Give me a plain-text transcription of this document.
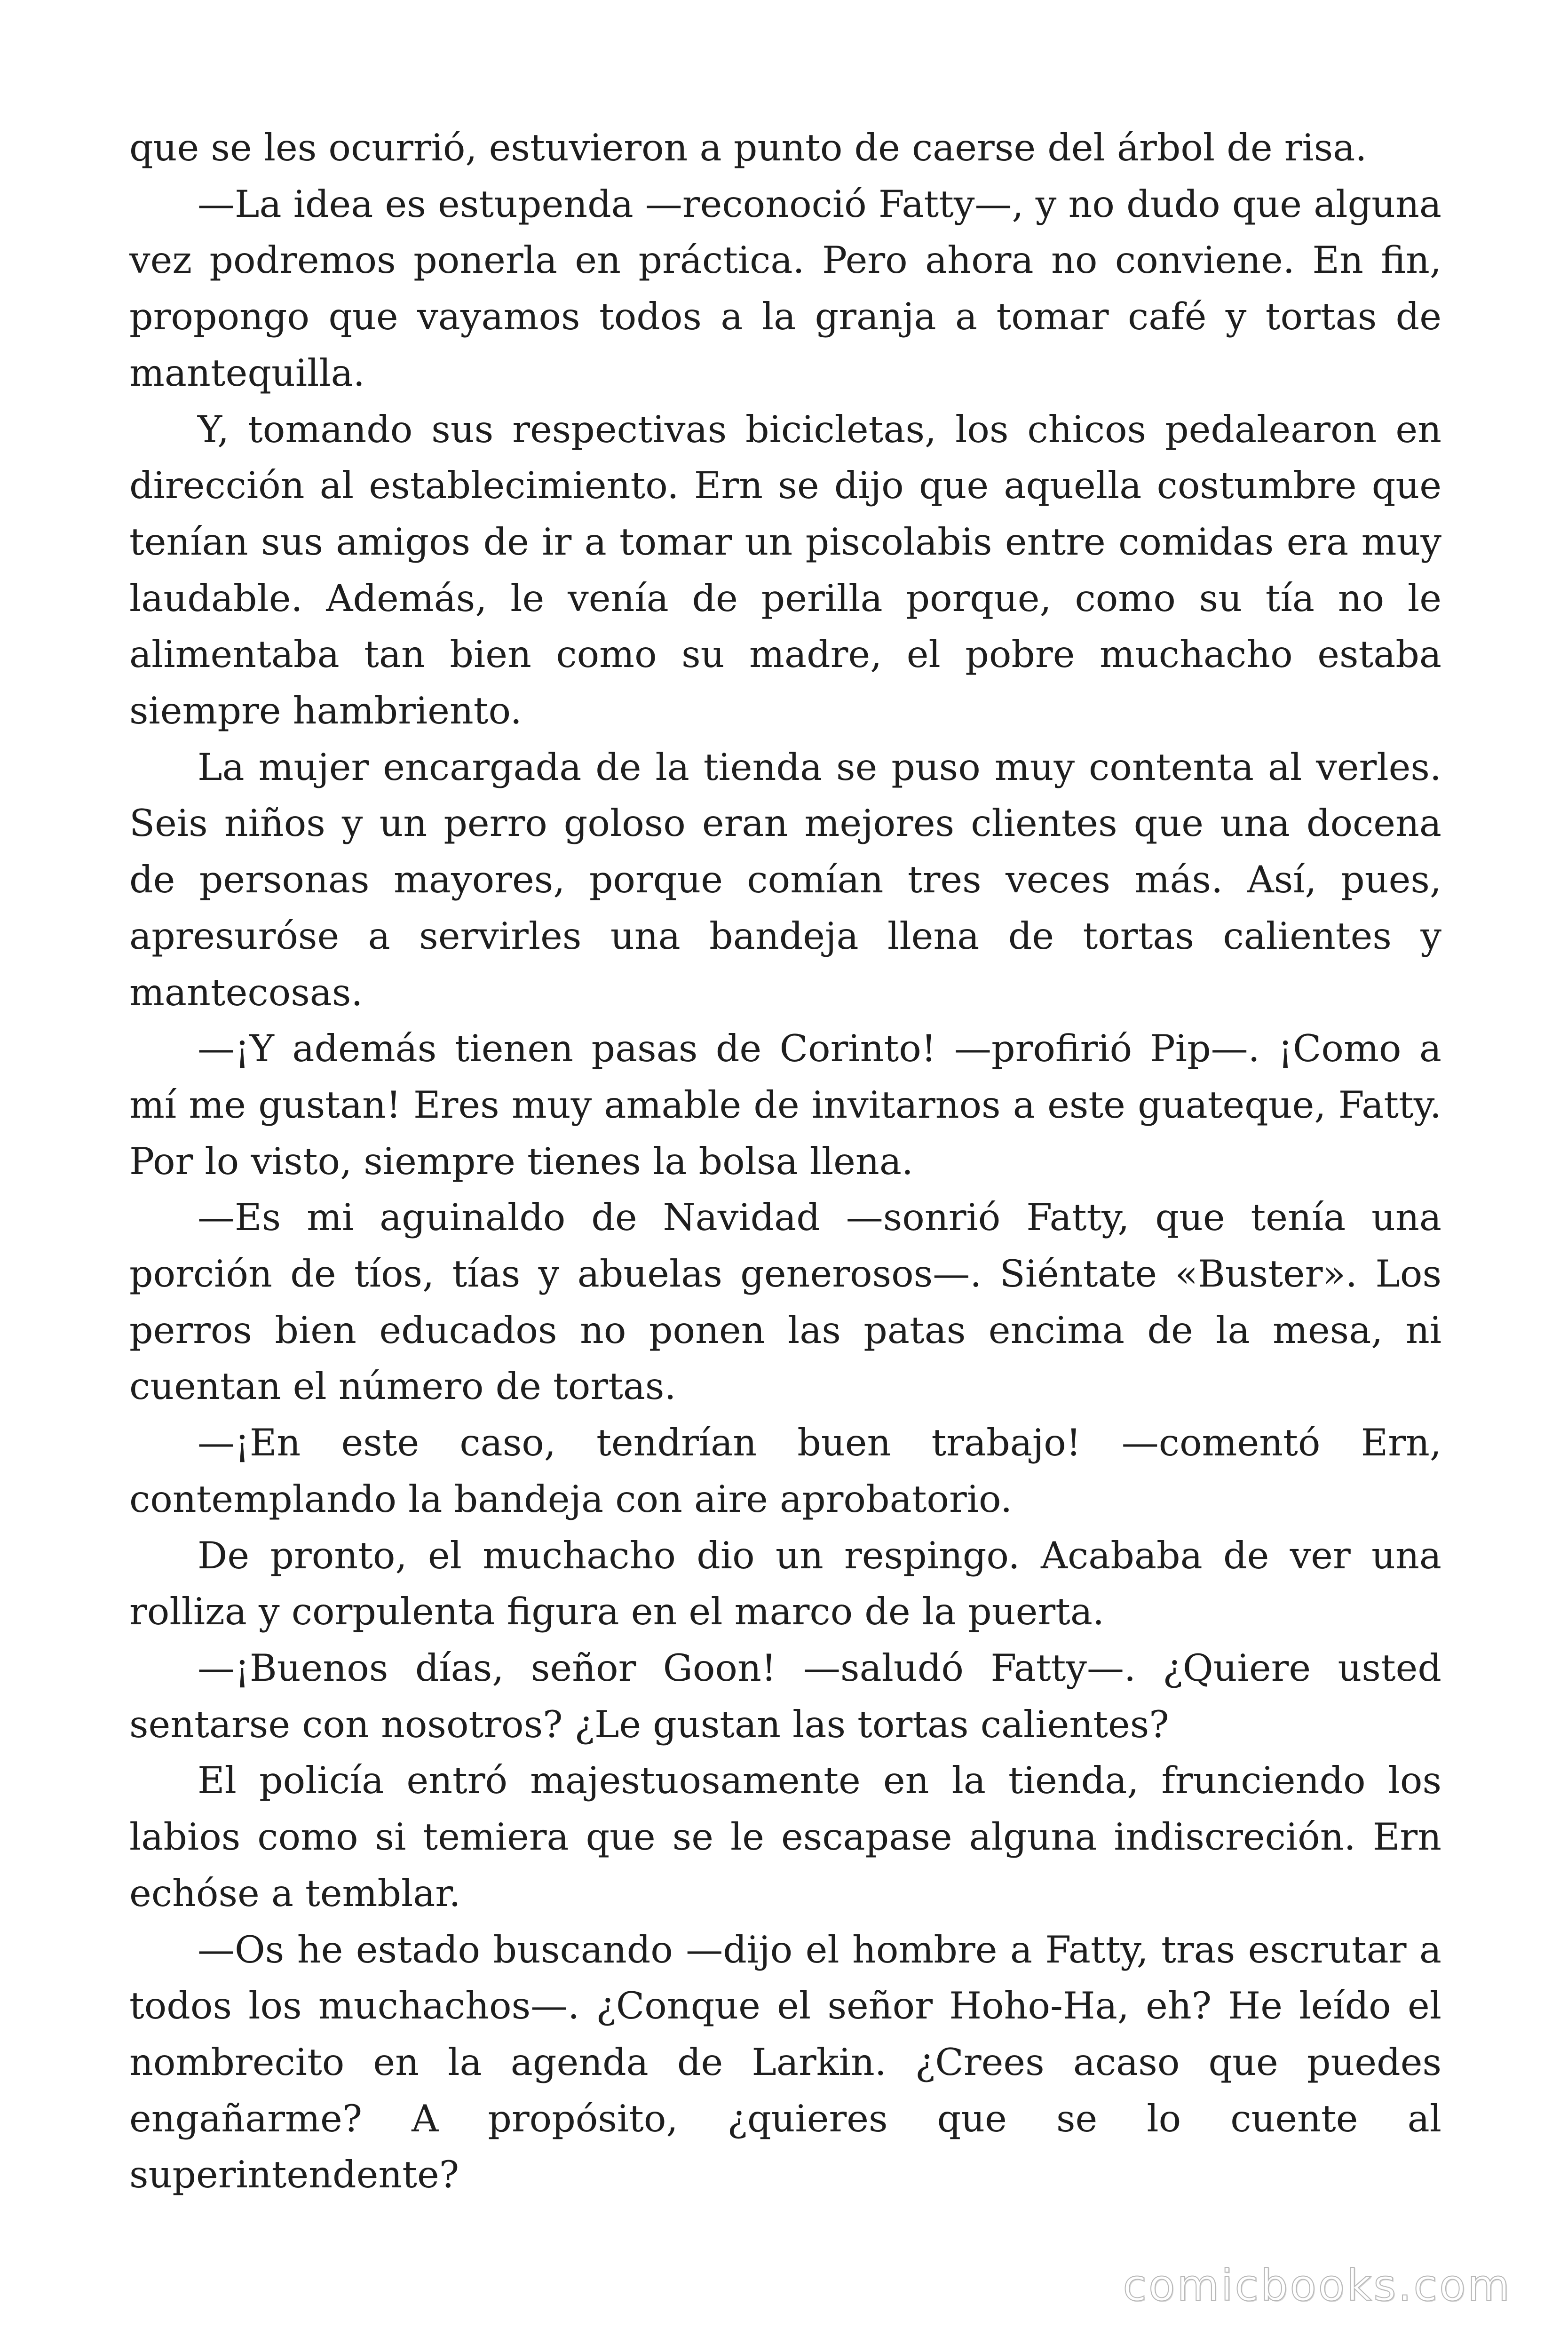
que se les ocurrió, estuvieron a punto de caerse del árbol de risa.

—La idea es estupenda —reconoció Fatty—, y no dudo que alguna vez podremos ponerla en práctica. Pero ahora no conviene. En fin, propongo que vayamos todos a la granja a tomar café y tortas de mantequilla.

Y, tomando sus respectivas bicicletas, los chicos pedalearon en dirección al establecimiento. Ern se dijo que aquella costumbre que tenían sus amigos de ir a tomar un piscolabis entre comidas era muy laudable. Además, le venía de perilla porque, como su tía no le alimentaba tan bien como su madre, el pobre muchacho estaba siempre hambriento.

La mujer encargada de la tienda se puso muy contenta al verles. Seis niños y un perro goloso eran mejores clientes que una docena de personas mayores, porque comían tres veces más. Así, pues, apresuróse a servirles una bandeja llena de tortas calientes y mantecosas.

—¡Y además tienen pasas de Corinto! —profirió Pip—. ¡Como a mí me gustan! Eres muy amable de invitarnos a este guateque, Fatty. Por lo visto, siempre tienes la bolsa llena.

—Es mi aguinaldo de Navidad —sonrió Fatty, que tenía una porción de tíos, tías y abuelas generosos—. Siéntate «Buster». Los perros bien educados no ponen las patas encima de la mesa, ni cuentan el número de tortas.

—¡En este caso, tendrían buen trabajo! —comentó Ern, contemplando la bandeja con aire aprobatorio.

De pronto, el muchacho dio un respingo. Acababa de ver una rolliza y corpulenta figura en el marco de la puerta.

—¡Buenos días, señor Goon! —saludó Fatty—. ¿Quiere usted sentarse con nosotros? ¿Le gustan las tortas calientes?

El policía entró majestuosamente en la tienda, frunciendo los labios como si temiera que se le escapase alguna indiscreción. Ern echóse a temblar.

—Os he estado buscando —dijo el hombre a Fatty, tras escrutar a todos los muchachos—. ¿Conque el señor Hoho-Ha, eh? He leído el nombrecito en la agenda de Larkin. ¿Crees acaso que puedes engañarme? A propósito, ¿quieres que se lo cuente al superintendente?

comicbooks.com
